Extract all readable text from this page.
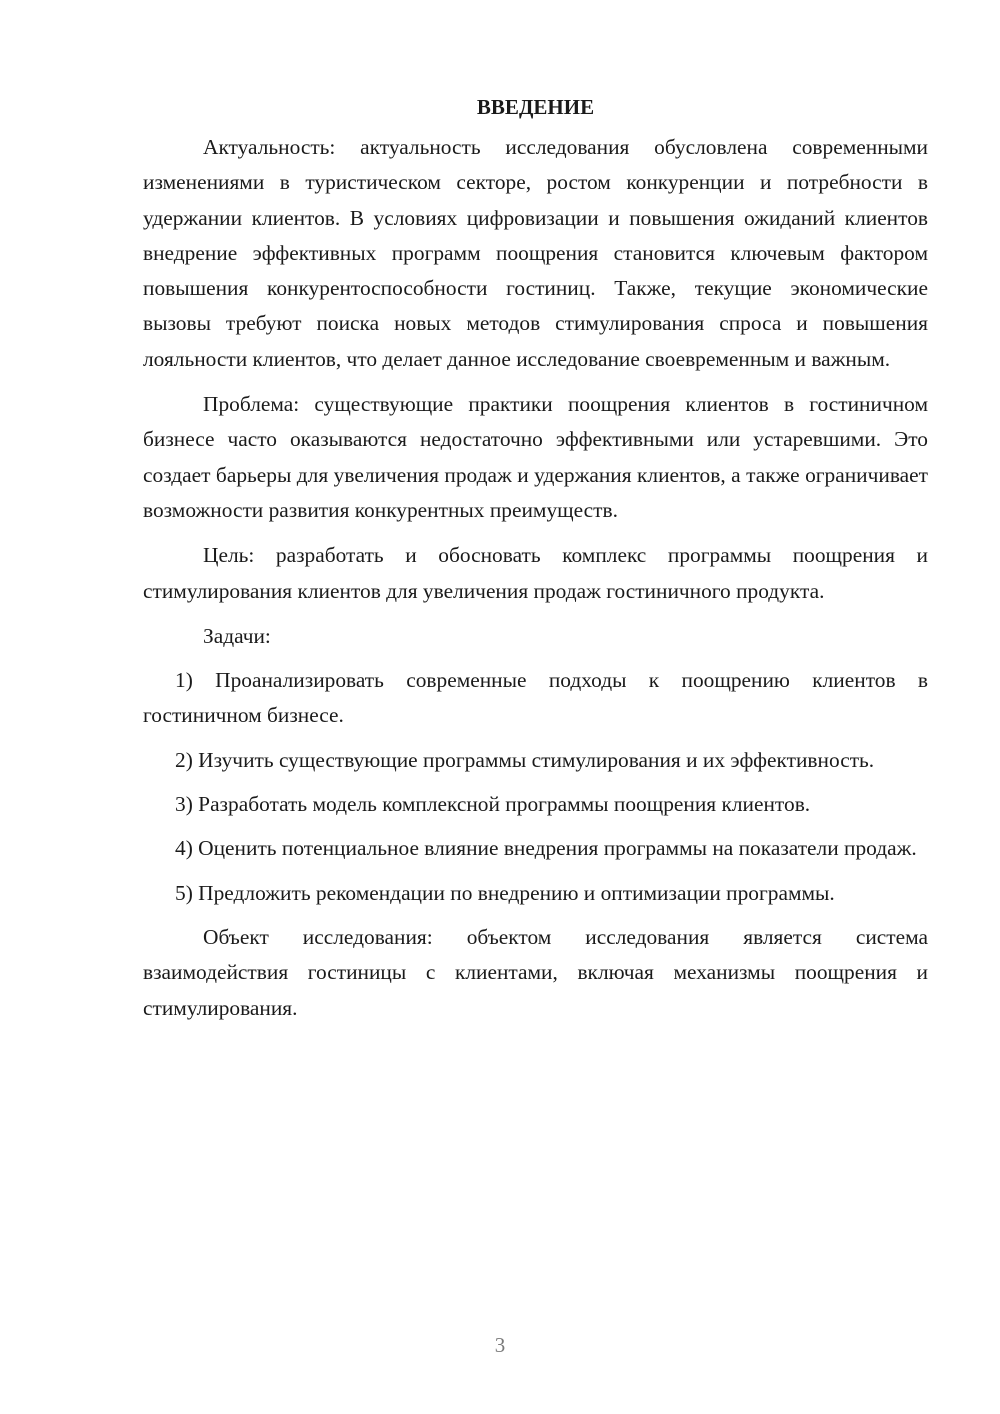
ВВЕДЕНИЕ

Актуальность: актуальность исследования обусловлена современными изменениями в туристическом секторе, ростом конкуренции и потребности в удержании клиентов. В условиях цифровизации и повышения ожиданий клиентов внедрение эффективных программ поощрения становится ключевым фактором повышения конкурентоспособности гостиниц. Также, текущие экономические вызовы требуют поиска новых методов стимулирования спроса и повышения лояльности клиентов, что делает данное исследование своевременным и важным.

Проблема: существующие практики поощрения клиентов в гостиничном бизнесе часто оказываются недостаточно эффективными или устаревшими. Это создает барьеры для увеличения продаж и удержания клиентов, а также ограничивает возможности развития конкурентных преимуществ.

Цель: разработать и обосновать комплекс программы поощрения и стимулирования клиентов для увеличения продаж гостиничного продукта.

Задачи:

1) Проанализировать современные подходы к поощрению клиентов в гостиничном бизнесе.

2) Изучить существующие программы стимулирования и их эффективность.

3) Разработать модель комплексной программы поощрения клиентов.

4) Оценить потенциальное влияние внедрения программы на показатели продаж.

5) Предложить рекомендации по внедрению и оптимизации программы.

Объект исследования: объектом исследования является система взаимодействия гостиницы с клиентами, включая механизмы поощрения и стимулирования.

3
